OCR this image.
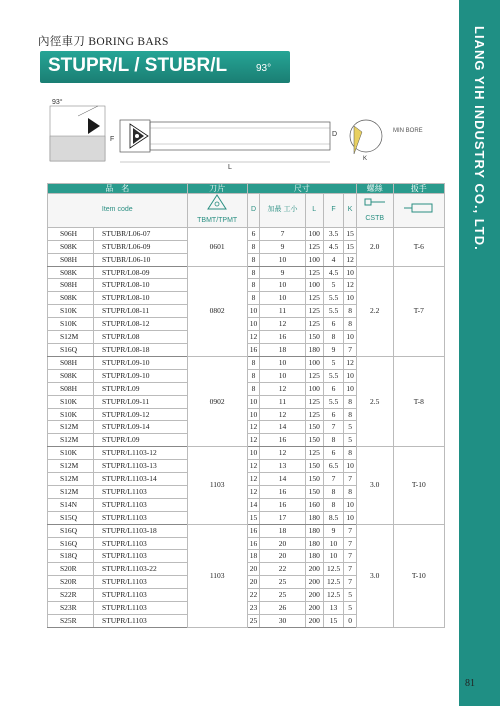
LIANG YIH INDUSTRY CO., LTD.
81
內徑車刀 BORING BARS
STUPR/L / STUBR/L	93°
93°
L
F
D
K
MIN BORE
品　名		刀片	尺寸					螺絲	扳手
Item code		TBMT/TPMT	D	加最 工小	L	F	K	CSTB	
S06H	STUBR/L06-07	0601	6	7	100	3.5	15	2.0	T-6
S08K	STUBR/L06-09		8	9	125	4.5	15		
S08H	STUBR/L06-10		8	10	100	4	12		
S08K	STUPR/L08-09	0802	8	9	125	4.5	10	2.2	T-7
S08H	STUPR/L08-10		8	10	100	5	12		
S08K	STUPR/L08-10		8	10	125	5.5	10		
S10K	STUPR/L08-11		10	11	125	5.5	8		
S10K	STUPR/L08-12		10	12	125	6	8		
S12M	STUPR/L08		12	16	150	8	10		
S16Q	STUPR/L08-18		16	18	180	9	7		
S08H	STUPR/L09-10	0902	8	10	100	5	12	2.5	T-8
S08K	STUPR/L09-10		8	10	125	5.5	10		
S08H	STUPR/L09		8	12	100	6	10		
S10K	STUPR/L09-11		10	11	125	5.5	8		
S10K	STUPR/L09-12		10	12	125	6	8		
S12M	STUPR/L09-14		12	14	150	7	5		
S12M	STUPR/L09		12	16	150	8	5		
S10K	STUPR/L1103-12	1103	10	12	125	6	8	3.0	T-10
S12M	STUPR/L1103-13		12	13	150	6.5	10		
S12M	STUPR/L1103-14		12	14	150	7	7		
S12M	STUPR/L1103		12	16	150	8	8		
S14N	STUPR/L1103		14	16	160	8	10		
S15Q	STUPR/L1103		15	17	180	8.5	10		
S16Q	STUPR/L1103-18	1103	16	18	180	9	7	3.0	T-10
S16Q	STUPR/L1103		16	20	180	10	7		
S18Q	STUPR/L1103		18	20	180	10	7		
S20R	STUPR/L1103-22		20	22	200	12.5	7		
S20R	STUPR/L1103		20	25	200	12.5	7		
S22R	STUPR/L1103		22	25	200	12.5	5		
S23R	STUPR/L1103		23	26	200	13	5		
S25R	STUPR/L1103		25	30	200	15	0		
